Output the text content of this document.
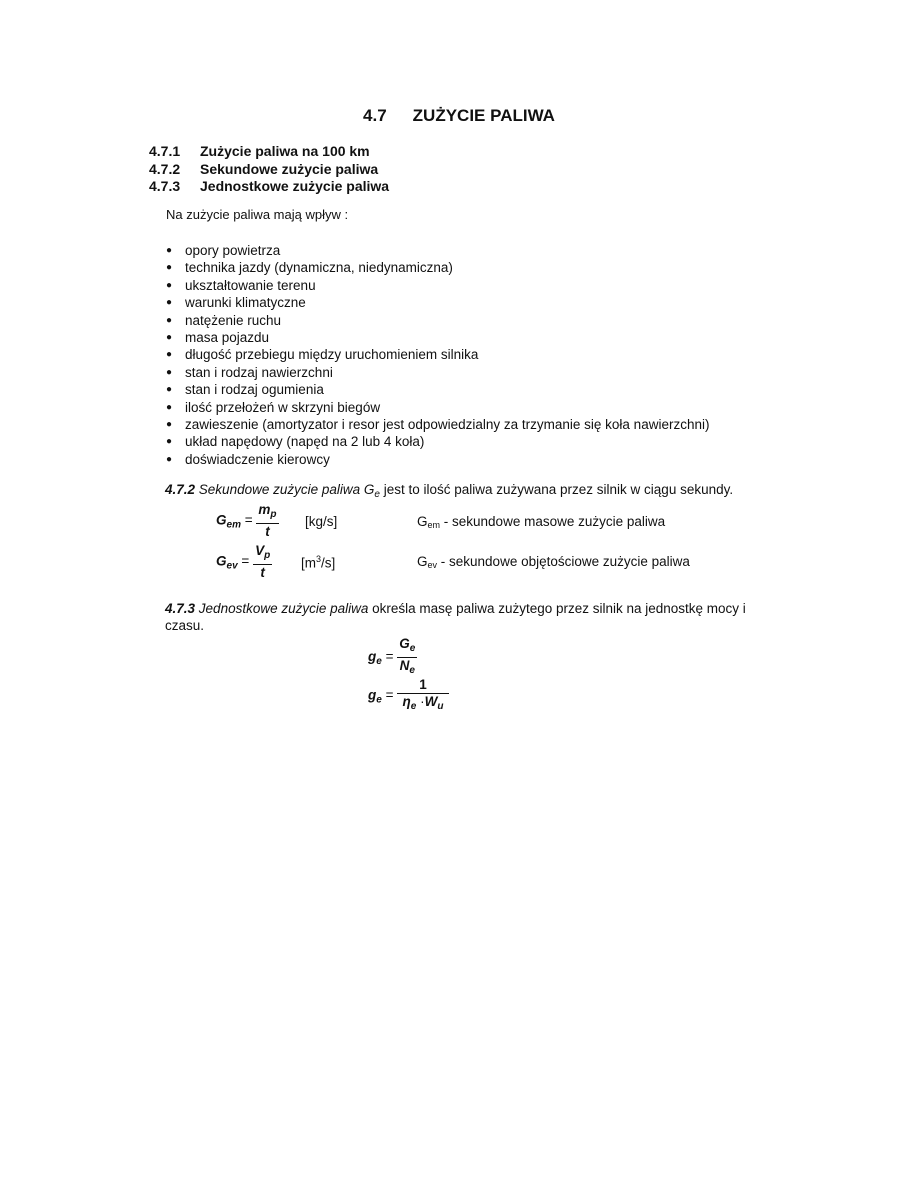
4.7 ZUŻYCIE PALIWA
4.7.1	Zużycie paliwa na 100 km
4.7.2	Sekundowe zużycie paliwa
4.7.3	Jednostkowe zużycie paliwa
Na zużycie paliwa mają wpływ :
● opory powietrza
● technika jazdy (dynamiczna, niedynamiczna)
● ukształtowanie terenu
● warunki klimatyczne
● natężenie ruchu
● masa pojazdu
● długość przebiegu między uruchomieniem silnika
● stan i rodzaj nawierzchni
● stan i rodzaj ogumienia
● ilość przełożeń w skrzyni biegów
● zawieszenie (amortyzator i resor jest odpowiedzialny za trzymanie się koła nawierzchni)
● układ napędowy (napęd na 2 lub 4 koła)
● doświadczenie kierowcy
4.7.2 Sekundowe zużycie paliwa $G_e$ jest to ilość paliwa zużywana przez silnik w ciągu sekundy.
$G_{em} = \frac{m_p}{t} [kg/s]$	Gem - sekundowe masowe zużycie paliwa
$G_{ev} = \frac{V_p}{t} [m^3/s]$	Gev - sekundowe objętościowe zużycie paliwa
4.7.3 Jednostkowe zużycie paliwa określa masę paliwa zużytego przez silnik na jednostkę mocy i
czasu.
$g_e = \frac{G_e}{N_e}$
$g_e = \frac{1}{\eta_e \cdot W_u}$
